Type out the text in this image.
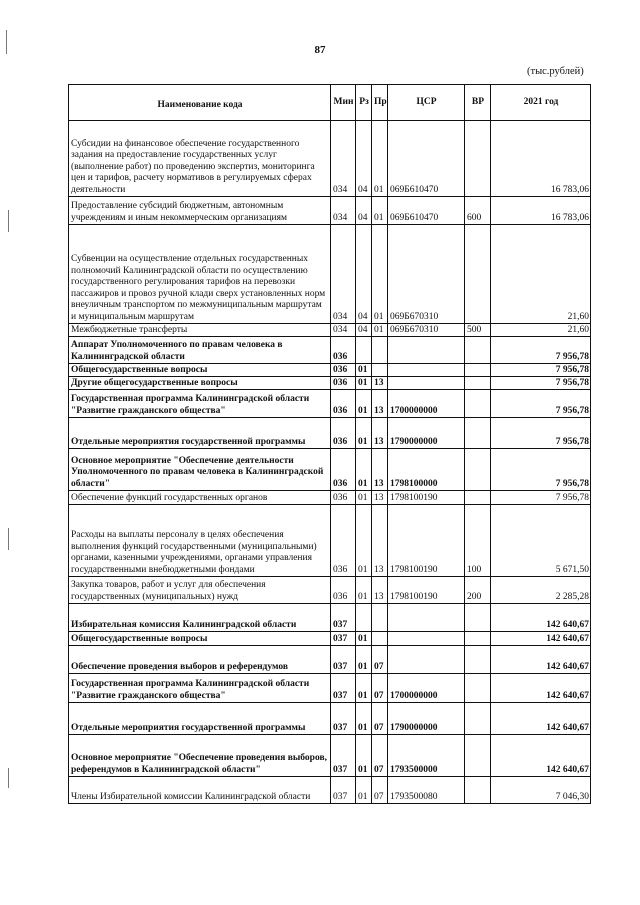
87
(тыс.рублей)
Наименование кода	Мин	Рз	Пр	ЦСР	ВР	2021 год
Субсидии на финансовое обеспечение государственного задания на предоставление государственных услуг (выполнение работ) по проведению экспертиз, мониторинга цен и тарифов, расчету нормативов в регулируемых сферах деятельности	034	04	01	069Б610470		16 783,06
Предоставление субсидий бюджетным, автономным учреждениям и иным некоммерческим организациям	034	04	01	069Б610470	600	16 783,06
Субвенции на осуществление отдельных государственных полномочий Калининградской области по осуществлению государственного регулирования тарифов на перевозки пассажиров и провоз ручной клади сверх установленных норм внеуличным транспортом по межмуниципальным маршрутам и муниципальным маршрутам	034	04	01	069Б670310		21,60
Межбюджетные трансферты	034	04	01	069Б670310	500	21,60
Аппарат Уполномоченного по правам человека в Калининградской области	036					7 956,78
Общегосударственные вопросы	036	01				7 956,78
Другие общегосударственные вопросы	036	01	13			7 956,78
Государственная программа Калининградской области "Развитие гражданского общества"	036	01	13	1700000000		7 956,78
Отдельные мероприятия государственной программы	036	01	13	1790000000		7 956,78
Основное мероприятие "Обеспечение деятельности Уполномоченного по правам человека в Калининградской области"	036	01	13	1798100000		7 956,78
Обеспечение функций государственных органов	036	01	13	1798100190		7 956,78
Расходы на выплаты персоналу в целях обеспечения выполнения функций государственными (муниципальными) органами, казенными учреждениями, органами управления государственными внебюджетными фондами	036	01	13	1798100190	100	5 671,50
Закупка товаров, работ и услуг для обеспечения государственных (муниципальных) нужд	036	01	13	1798100190	200	2 285,28
Избирательная комиссия Калининградской области	037					142 640,67
Общегосударственные вопросы	037	01				142 640,67
Обеспечение проведения выборов и референдумов	037	01	07			142 640,67
Государственная программа Калининградской области "Развитие гражданского общества"	037	01	07	1700000000		142 640,67
Отдельные мероприятия государственной программы	037	01	07	1790000000		142 640,67
Основное мероприятие "Обеспечение проведения выборов, референдумов в Калининградской области"	037	01	07	1793500000		142 640,67
Члены Избирательной комиссии Калининградской области	037	01	07	1793500080		7 046,30
